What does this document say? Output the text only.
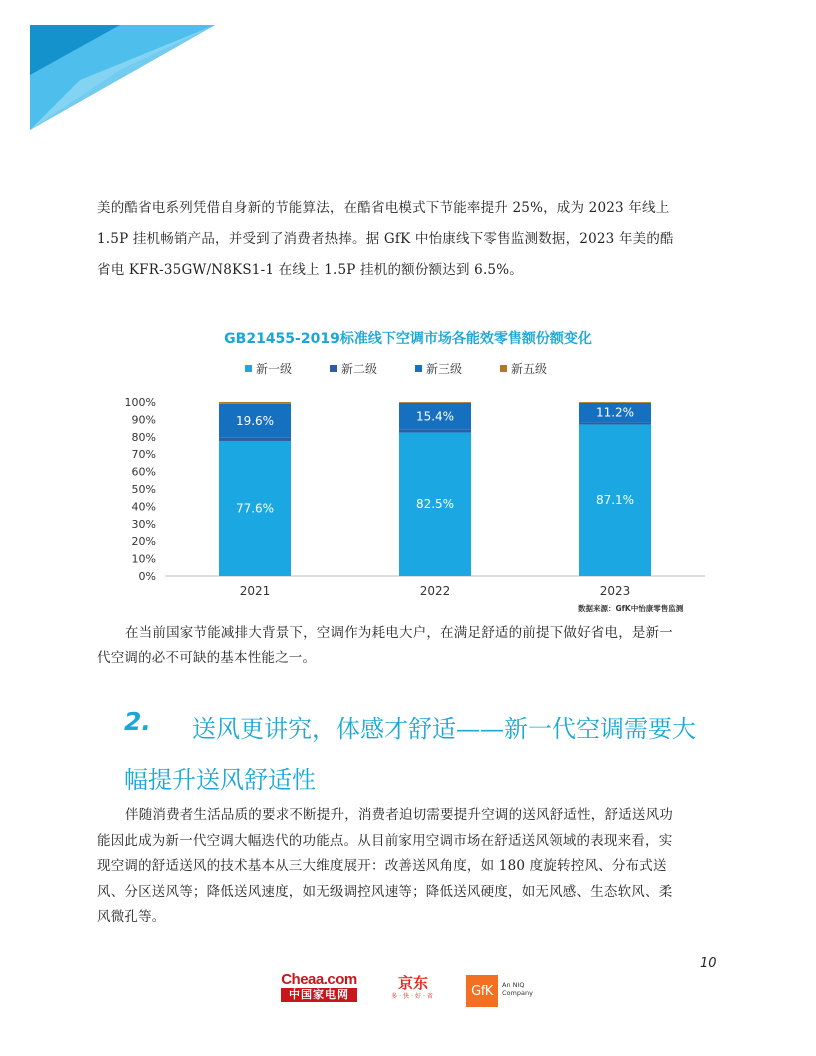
美的酷省电系列凭借自身新的节能算法，在酷省电模式下节能率提升 25%，成为 2023 年线上
1.5P 挂机畅销产品，并受到了消费者热捧。据 GfK 中怡康线下零售监测数据，2023 年美的酷
省电 KFR-35GW/N8KS1-1 在线上 1.5P 挂机的额份额达到 6.5%。

GB21455-2019标准线下空调市场各能效零售额份额变化
新一级	新二级	新三级	新五级
0%
10%
20%
30%
40%
50%
60%
70%
80%
90%
100%
77.6%
19.6%
2021
82.5%
15.4%
2022
87.1%
11.2%
2023
数据来源：GfK中怡康零售监测

在当前国家节能减排大背景下，空调作为耗电大户，在满足舒适的前提下做好省电，是新一
代空调的必不可缺的基本性能之一。

2.	送风更讲究，体感才舒适——新一代空调需要大
幅提升送风舒适性

伴随消费者生活品质的要求不断提升，消费者迫切需要提升空调的送风舒适性，舒适送风功
能因此成为新一代空调大幅迭代的功能点。从目前家用空调市场在舒适送风领域的表现来看，实
现空调的舒适送风的技术基本从三大维度展开：改善送风角度，如 180 度旋转控风、分布式送
风、分区送风等；降低送风速度，如无级调控风速等；降低送风硬度，如无风感、生态软风、柔
风微孔等。

10
Cheaa.com
中国家电网
京东
多·快·好·省	GfK	An NIQ
Company
